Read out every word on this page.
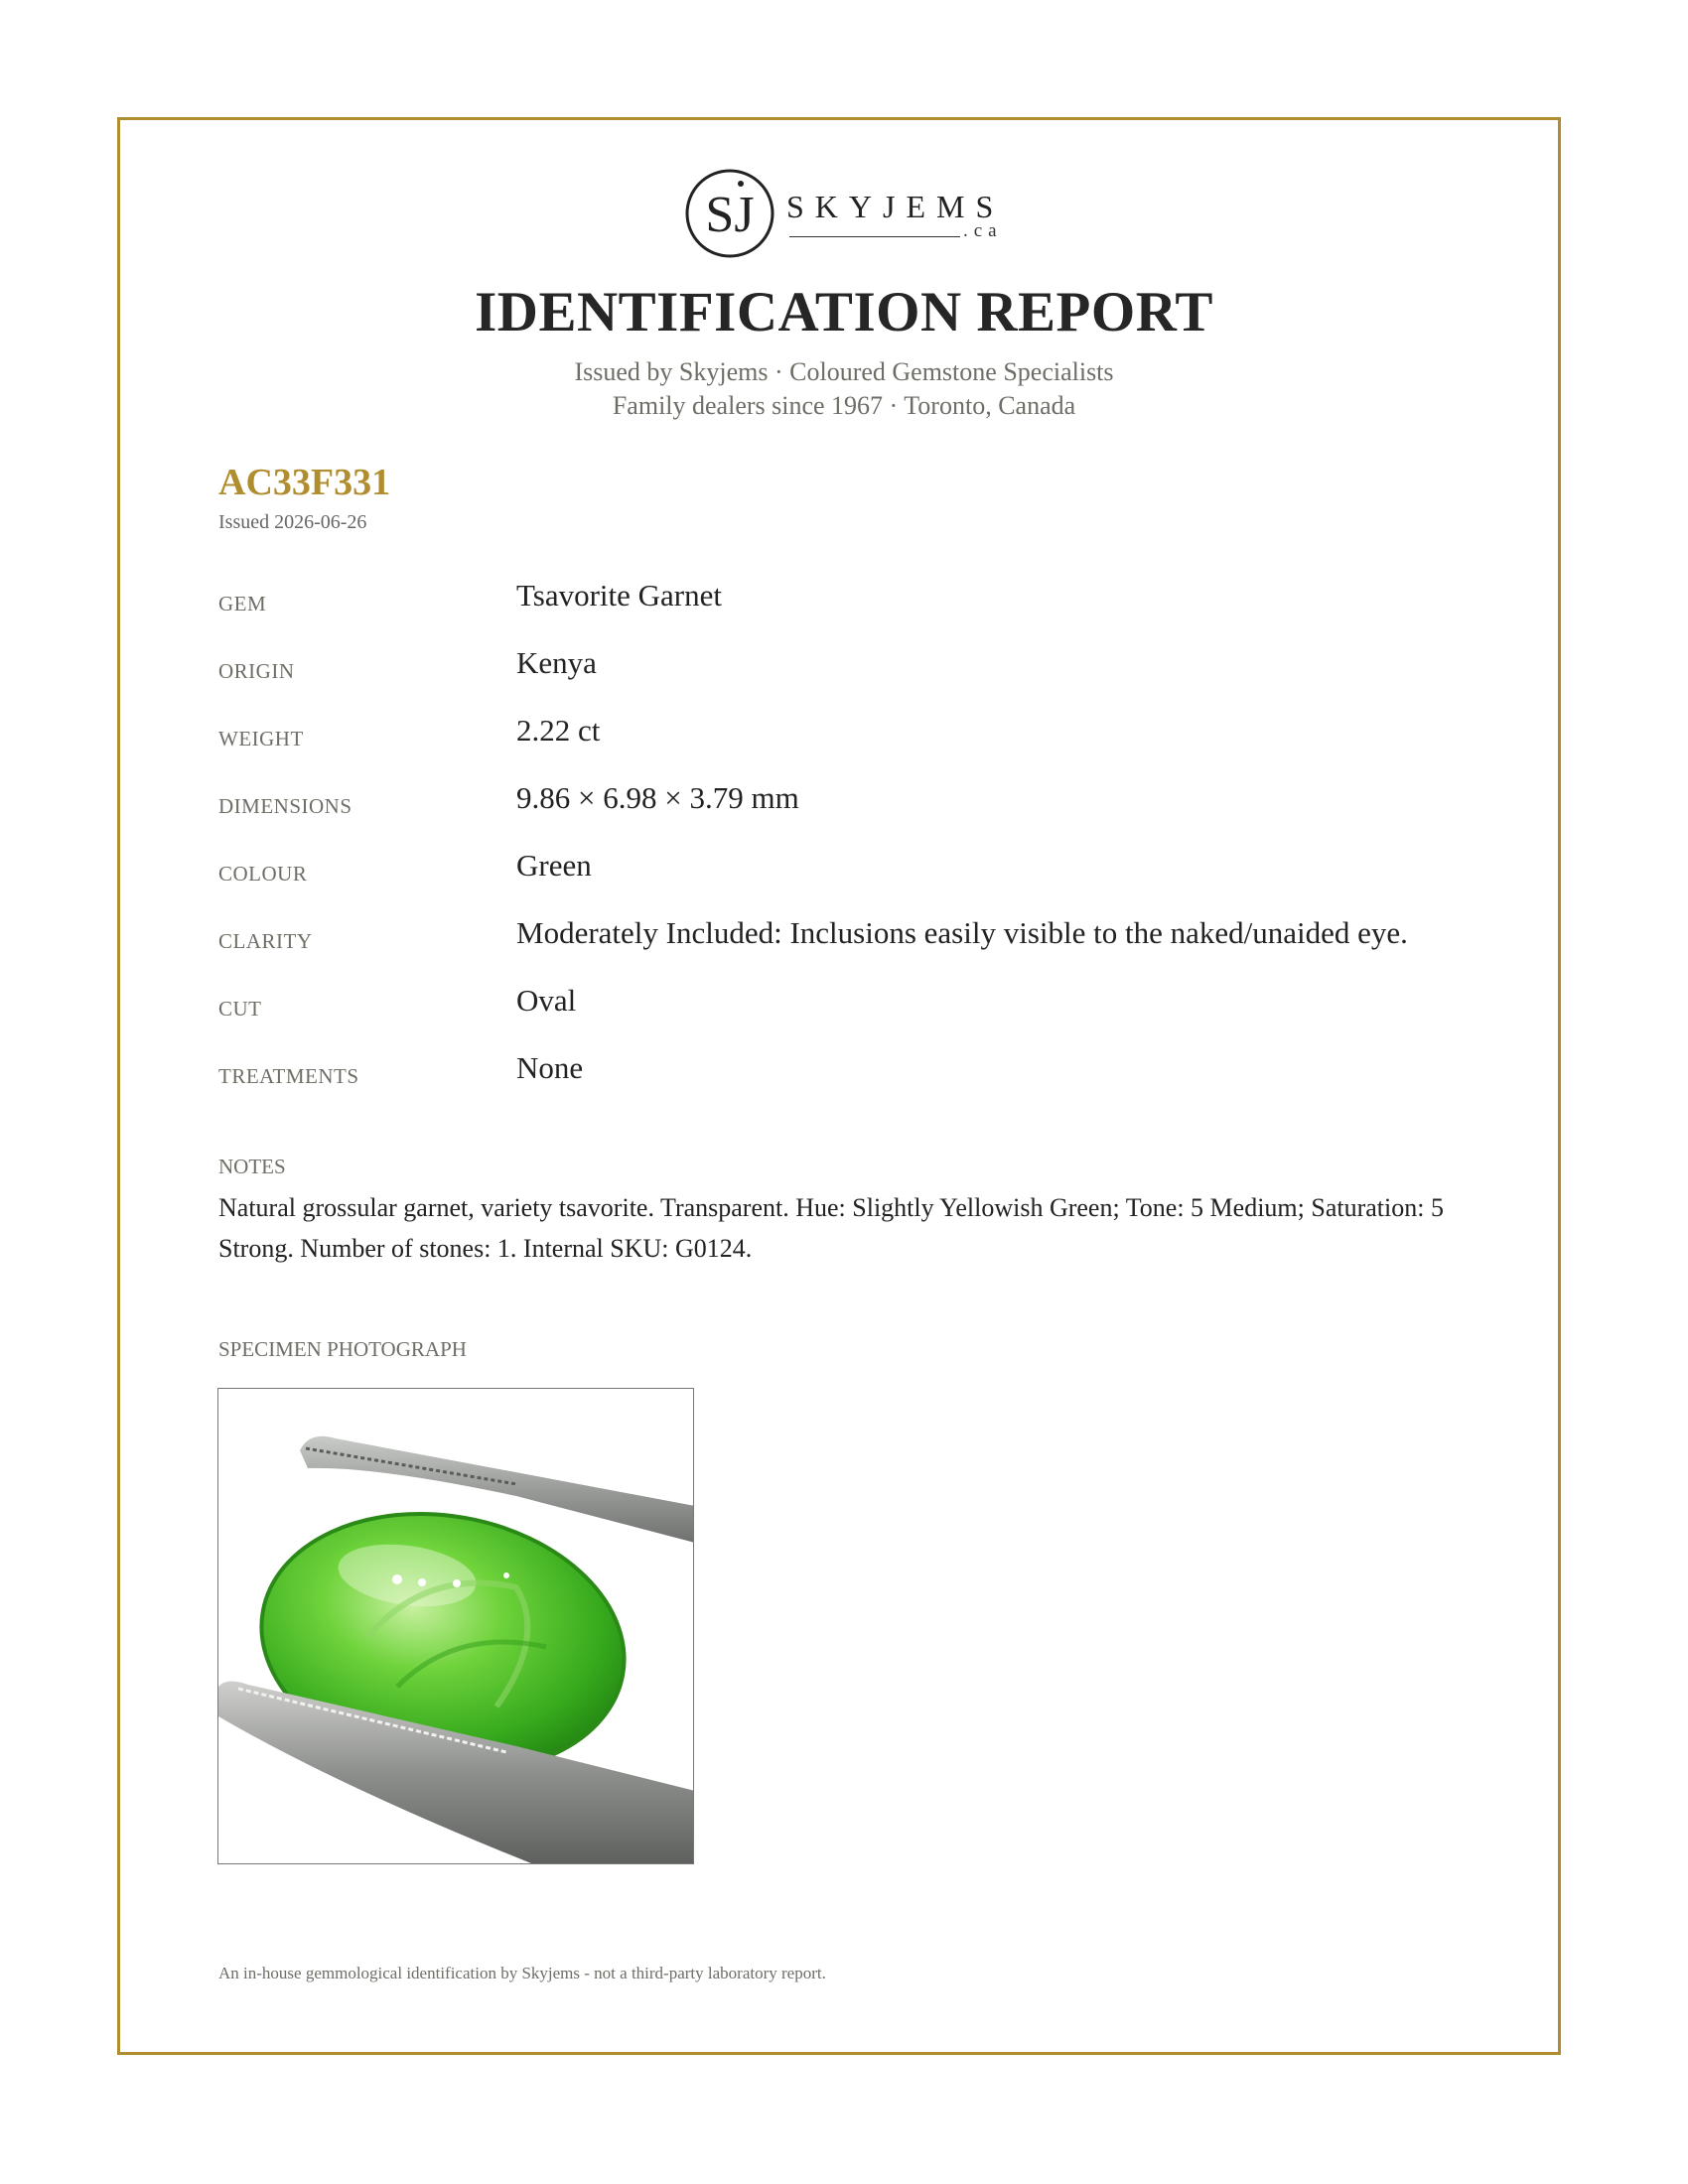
SJ SKYJEMS
.ca
IDENTIFICATION REPORT
Issued by Skyjems · Coloured Gemstone Specialists
Family dealers since 1967 · Toronto, Canada
AC33F331
Issued 2026-06-26
GEM	Tsavorite Garnet
ORIGIN	Kenya
WEIGHT	2.22 ct
DIMENSIONS	9.86 × 6.98 × 3.79 mm
COLOUR	Green
CLARITY	Moderately Included: Inclusions easily visible to the naked/unaided eye.
CUT	Oval
TREATMENTS	None
NOTES
Natural grossular garnet, variety tsavorite. Transparent. Hue: Slightly Yellowish Green; Tone: 5 Medium; Saturation: 5 Strong. Number of stones: 1. Internal SKU: G0124.
SPECIMEN PHOTOGRAPH
An in-house gemmological identification by Skyjems - not a third-party laboratory report.
